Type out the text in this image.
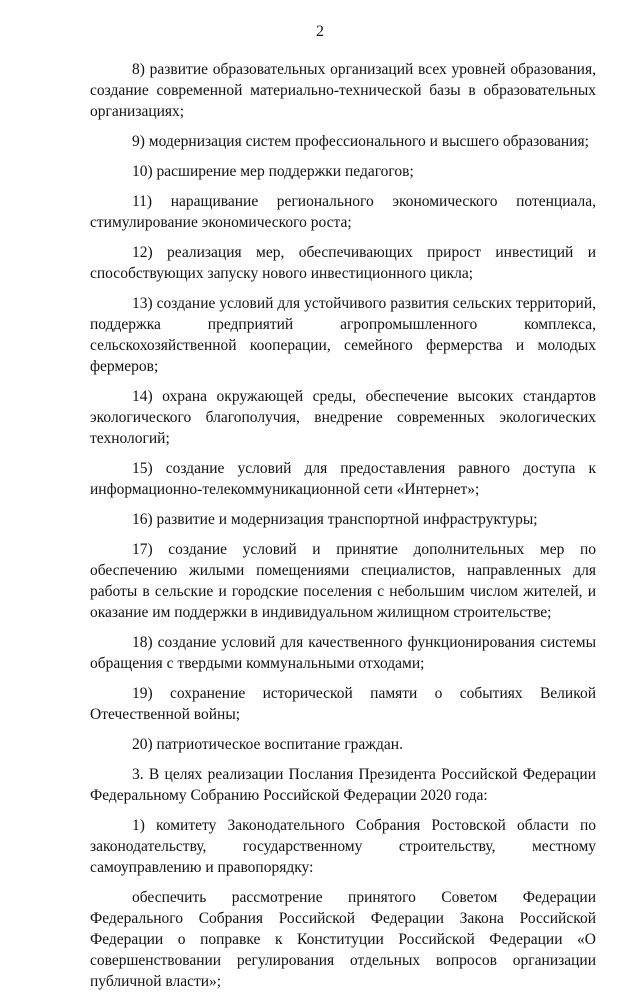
2

8) развитие образовательных организаций всех уровней образования, создание современной материально-технической базы в образовательных организациях;

9) модернизация систем профессионального и высшего образования;

10) расширение мер поддержки педагогов;

11) наращивание регионального экономического потенциала, стимулирование экономического роста;

12) реализация мер, обеспечивающих прирост инвестиций и способствующих запуску нового инвестиционного цикла;

13) создание условий для устойчивого развития сельских территорий, поддержка предприятий агропромышленного комплекса, сельскохозяйственной кооперации, семейного фермерства и молодых фермеров;

14) охрана окружающей среды, обеспечение высоких стандартов экологического благополучия, внедрение современных экологических технологий;

15) создание условий для предоставления равного доступа к информационно-телекоммуникационной сети «Интернет»;

16) развитие и модернизация транспортной инфраструктуры;

17) создание условий и принятие дополнительных мер по обеспечению жилыми помещениями специалистов, направленных для работы в сельские и городские поселения с небольшим числом жителей, и оказание им поддержки в индивидуальном жилищном строительстве;

18) создание условий для качественного функционирования системы обращения с твердыми коммунальными отходами;

19) сохранение исторической памяти о событиях Великой Отечественной войны;

20) патриотическое воспитание граждан.

3. В целях реализации Послания Президента Российской Федерации Федеральному Собранию Российской Федерации 2020 года:

1) комитету Законодательного Собрания Ростовской области по законодательству, государственному строительству, местному самоуправлению и правопорядку:

обеспечить рассмотрение принятого Советом Федерации Федерального Собрания Российской Федерации Закона Российской Федерации о поправке к Конституции Российской Федерации «О совершенствовании регулирования отдельных вопросов организации публичной власти»;
